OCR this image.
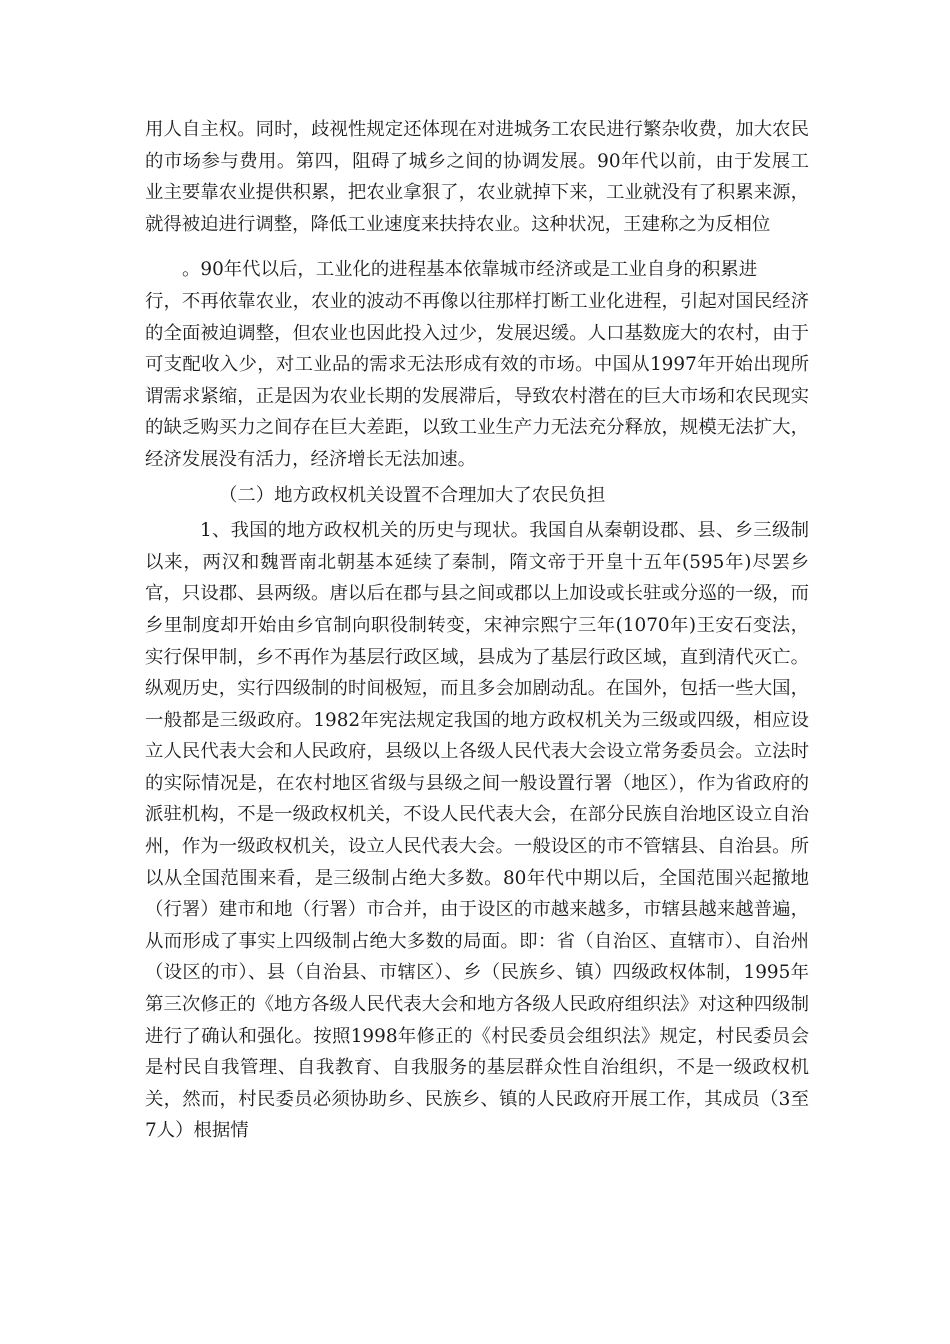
用人自主权。同时，歧视性规定还体现在对进城务工农民进行繁杂收费，加大农民的市场参与费用。第四，阻碍了城乡之间的协调发展。90年代以前，由于发展工业主要靠农业提供积累，把农业拿狠了，农业就掉下来，工业就没有了积累来源，就得被迫进行调整，降低工业速度来扶持农业。这种状况，王建称之为反相位

。90年代以后，工业化的进程基本依靠城市经济或是工业自身的积累进

行，不再依靠农业，农业的波动不再像以往那样打断工业化进程，引起对国民经济的全面被迫调整，但农业也因此投入过少，发展迟缓。人口基数庞大的农村，由于可支配收入少，对工业品的需求无法形成有效的市场。中国从1997年开始出现所谓需求紧缩，正是因为农业长期的发展滞后，导致农村潜在的巨大市场和农民现实的缺乏购买力之间存在巨大差距，以致工业生产力无法充分释放，规模无法扩大，经济发展没有活力，经济增长无法加速。

（二）地方政权机关设置不合理加大了农民负担

1、我国的地方政权机关的历史与现状。我国自从秦朝设郡、县、乡三级制以来，两汉和魏晋南北朝基本延续了秦制，隋文帝于开皇十五年(595年)尽罢乡官，只设郡、县两级。唐以后在郡与县之间或郡以上加设或长驻或分巡的一级，而乡里制度却开始由乡官制向职役制转变，宋神宗熙宁三年(1070年)王安石变法，实行保甲制，乡不再作为基层行政区域，县成为了基层行政区域，直到清代灭亡。纵观历史，实行四级制的时间极短，而且多会加剧动乱。在国外，包括一些大国，一般都是三级政府。1982年宪法规定我国的地方政权机关为三级或四级，相应设立人民代表大会和人民政府，县级以上各级人民代表大会设立常务委员会。立法时的实际情况是，在农村地区省级与县级之间一般设置行署（地区），作为省政府的派驻机构，不是一级政权机关，不设人民代表大会，在部分民族自治地区设立自治州，作为一级政权机关，设立人民代表大会。一般设区的市不管辖县、自治县。所以从全国范围来看，是三级制占绝大多数。80年代中期以后，全国范围兴起撤地（行署）建市和地（行署）市合并，由于设区的市越来越多，市辖县越来越普遍，从而形成了事实上四级制占绝大多数的局面。即：省（自治区、直辖市）、自治州（设区的市）、县（自治县、市辖区）、乡（民族乡、镇）四级政权体制，1995年第三次修正的《地方各级人民代表大会和地方各级人民政府组织法》对这种四级制进行了确认和强化。按照1998年修正的《村民委员会组织法》规定，村民委员会是村民自我管理、自我教育、自我服务的基层群众性自治组织，不是一级政权机关，然而，村民委员必须协助乡、民族乡、镇的人民政府开展工作，其成员（3至7人）根据情
